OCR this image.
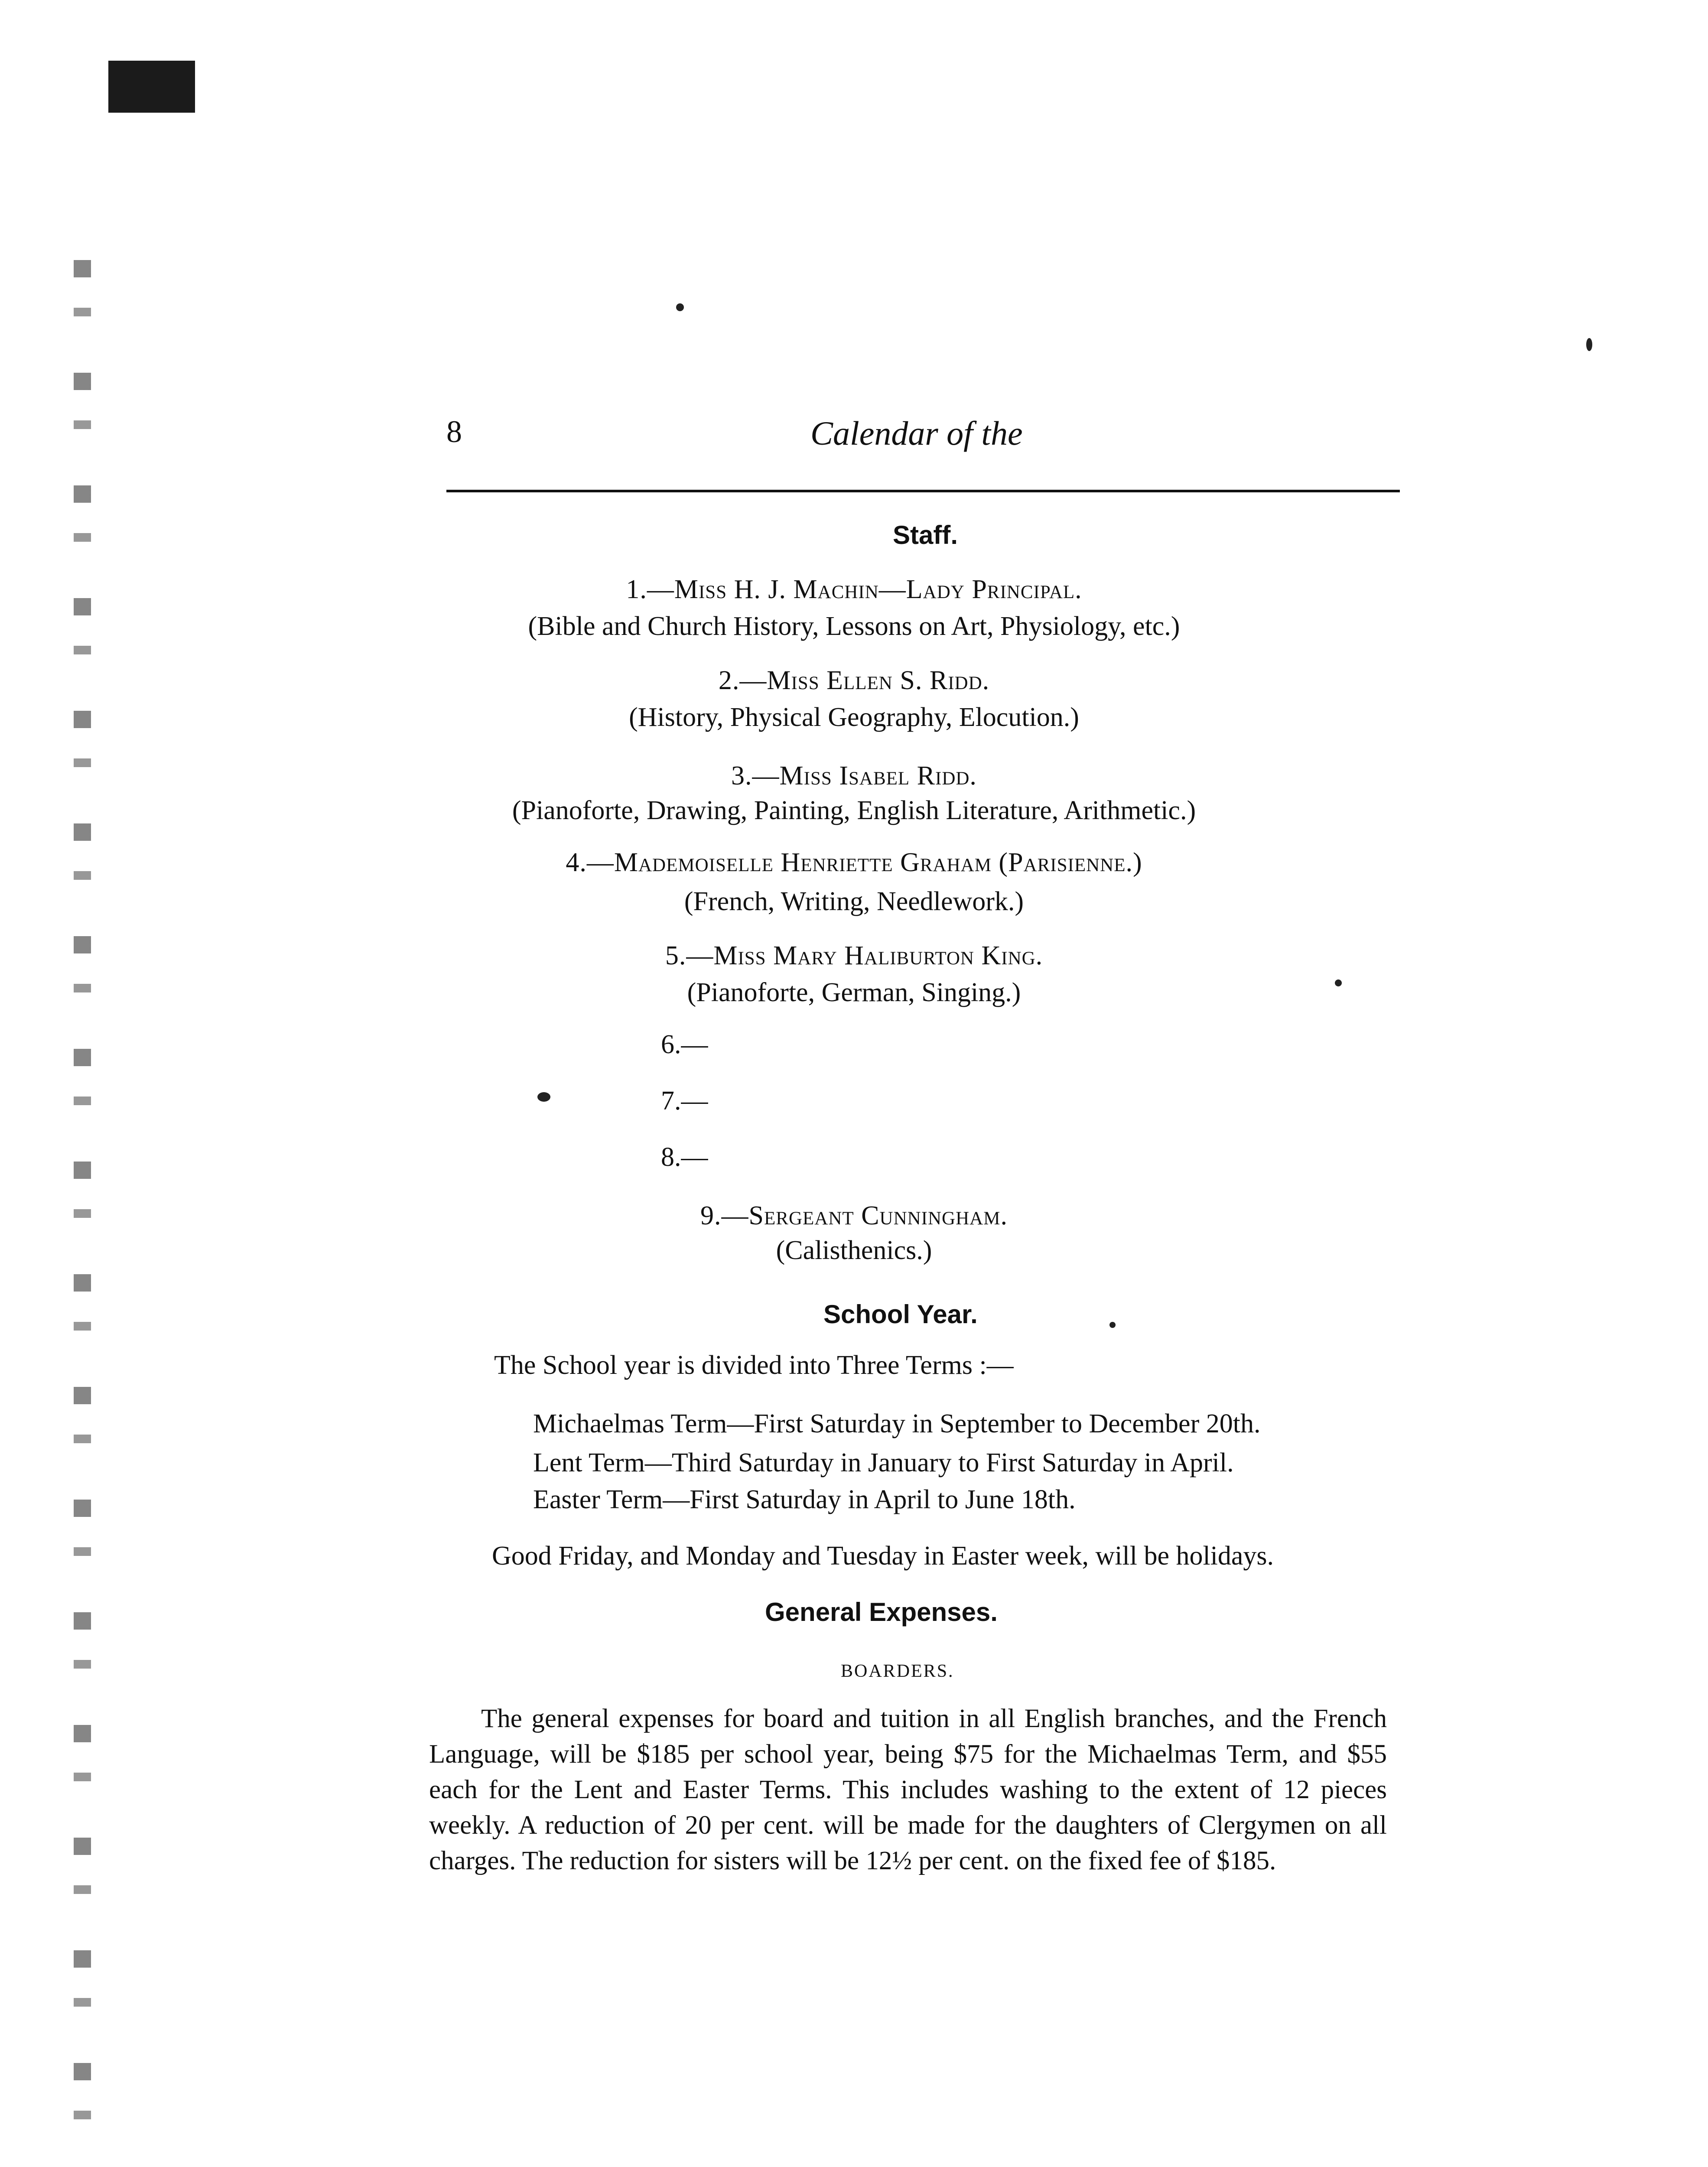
8	Calendar of the
Staff.
1.—Miss H. J. Machin—Lady Principal.
(Bible and Church History, Lessons on Art, Physiology, etc.)
2.—Miss Ellen S. Ridd.
(History, Physical Geography, Elocution.)
3.—Miss Isabel Ridd.
(Pianoforte, Drawing, Painting, English Literature, Arithmetic.)
4.—Mademoiselle Henriette Graham (Parisienne.)
(French, Writing, Needlework.)
5.—Miss Mary Haliburton King.
(Pianoforte, German, Singing.)
6.—
7.—
8.—
9.—Sergeant Cunningham.
(Calisthenics.)
School Year.
The School year is divided into Three Terms :—
Michaelmas Term—First Saturday in September to December 20th.
Lent Term—Third Saturday in January to First Saturday in April.
Easter Term—First Saturday in April to June 18th.
Good Friday, and Monday and Tuesday in Easter week, will be holidays.
General Expenses.
BOARDERS.
The general expenses for board and tuition in all English branches, and the French Language, will be $185 per school year, being $75 for the Michaelmas Term, and $55 each for the Lent and Easter Terms. This includes washing to the extent of 12 pieces weekly. A reduction of 20 per cent. will be made for the daughters of Clergymen on all charges. The reduction for sisters will be 12½ per cent. on the fixed fee of $185.
